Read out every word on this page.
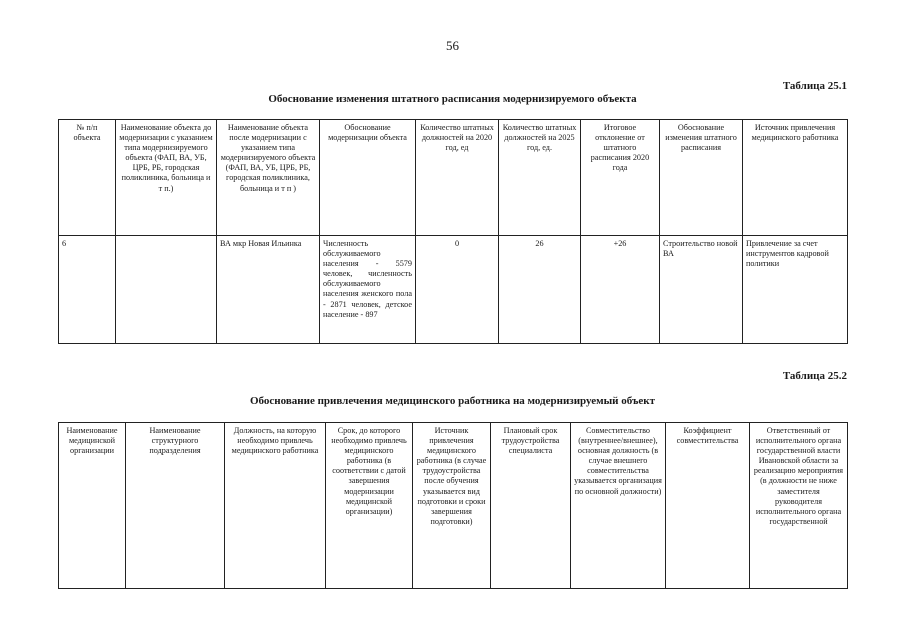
56
Таблица 25.1
Обоснование изменения штатного расписания модернизируемого объекта
№ п/п объекта	Наименование объекта до модернизации с указанием типа модернизируемого объекта (ФАП, ВА, УБ, ЦРБ, РБ, городская поликлиника, больница и т п.)	Наименование объекта после модернизации с указанием типа модернизируемого объекта (ФАП, ВА, УБ, ЦРБ, РБ, городская поликлиника, больница и т п )	Обоснование модернизации объекта	Количество штатных должностей на 2020 год, ед	Количество штатных должностей на 2025 год, ед.	Итоговое отклонение от штатного расписания 2020 года	Обоснование изменения штатного расписания	Источник привлечения медицинского работника
6		ВА мкр Новая Ильинка	Численность обслуживаемого населения - 5579 человек, численность обслуживаемого населения женского пола - 2871 человек, детское население - 897	0	26	+26	Строительство новой ВА	Привлечение за счет инструментов кадровой политики
Таблица 25.2
Обоснование привлечения медицинского работника на модернизируемый объект
Наименование медицинской организации	Наименование структурного подразделения	Должность, на которую необходимо привлечь медицинского работника	Срок, до которого необходимо привлечь медицинского работника (в соответствии с датой завершения модернизации медицинской организации)	Источник привлечения медицинского работника (в случае трудоустройства после обучения указывается вид подготовки и сроки завершения подготовки)	Плановый срок трудоустройства специалиста	Совместительство (внутреннее/внешнее), основная должность (в случае внешнего совместительства указывается организация по основной должности)	Коэффициент совместительства	Ответственный от исполнительного органа государственной власти Ивановской области за реализацию мероприятия (в должности не ниже заместителя руководителя исполнительного органа государственной
